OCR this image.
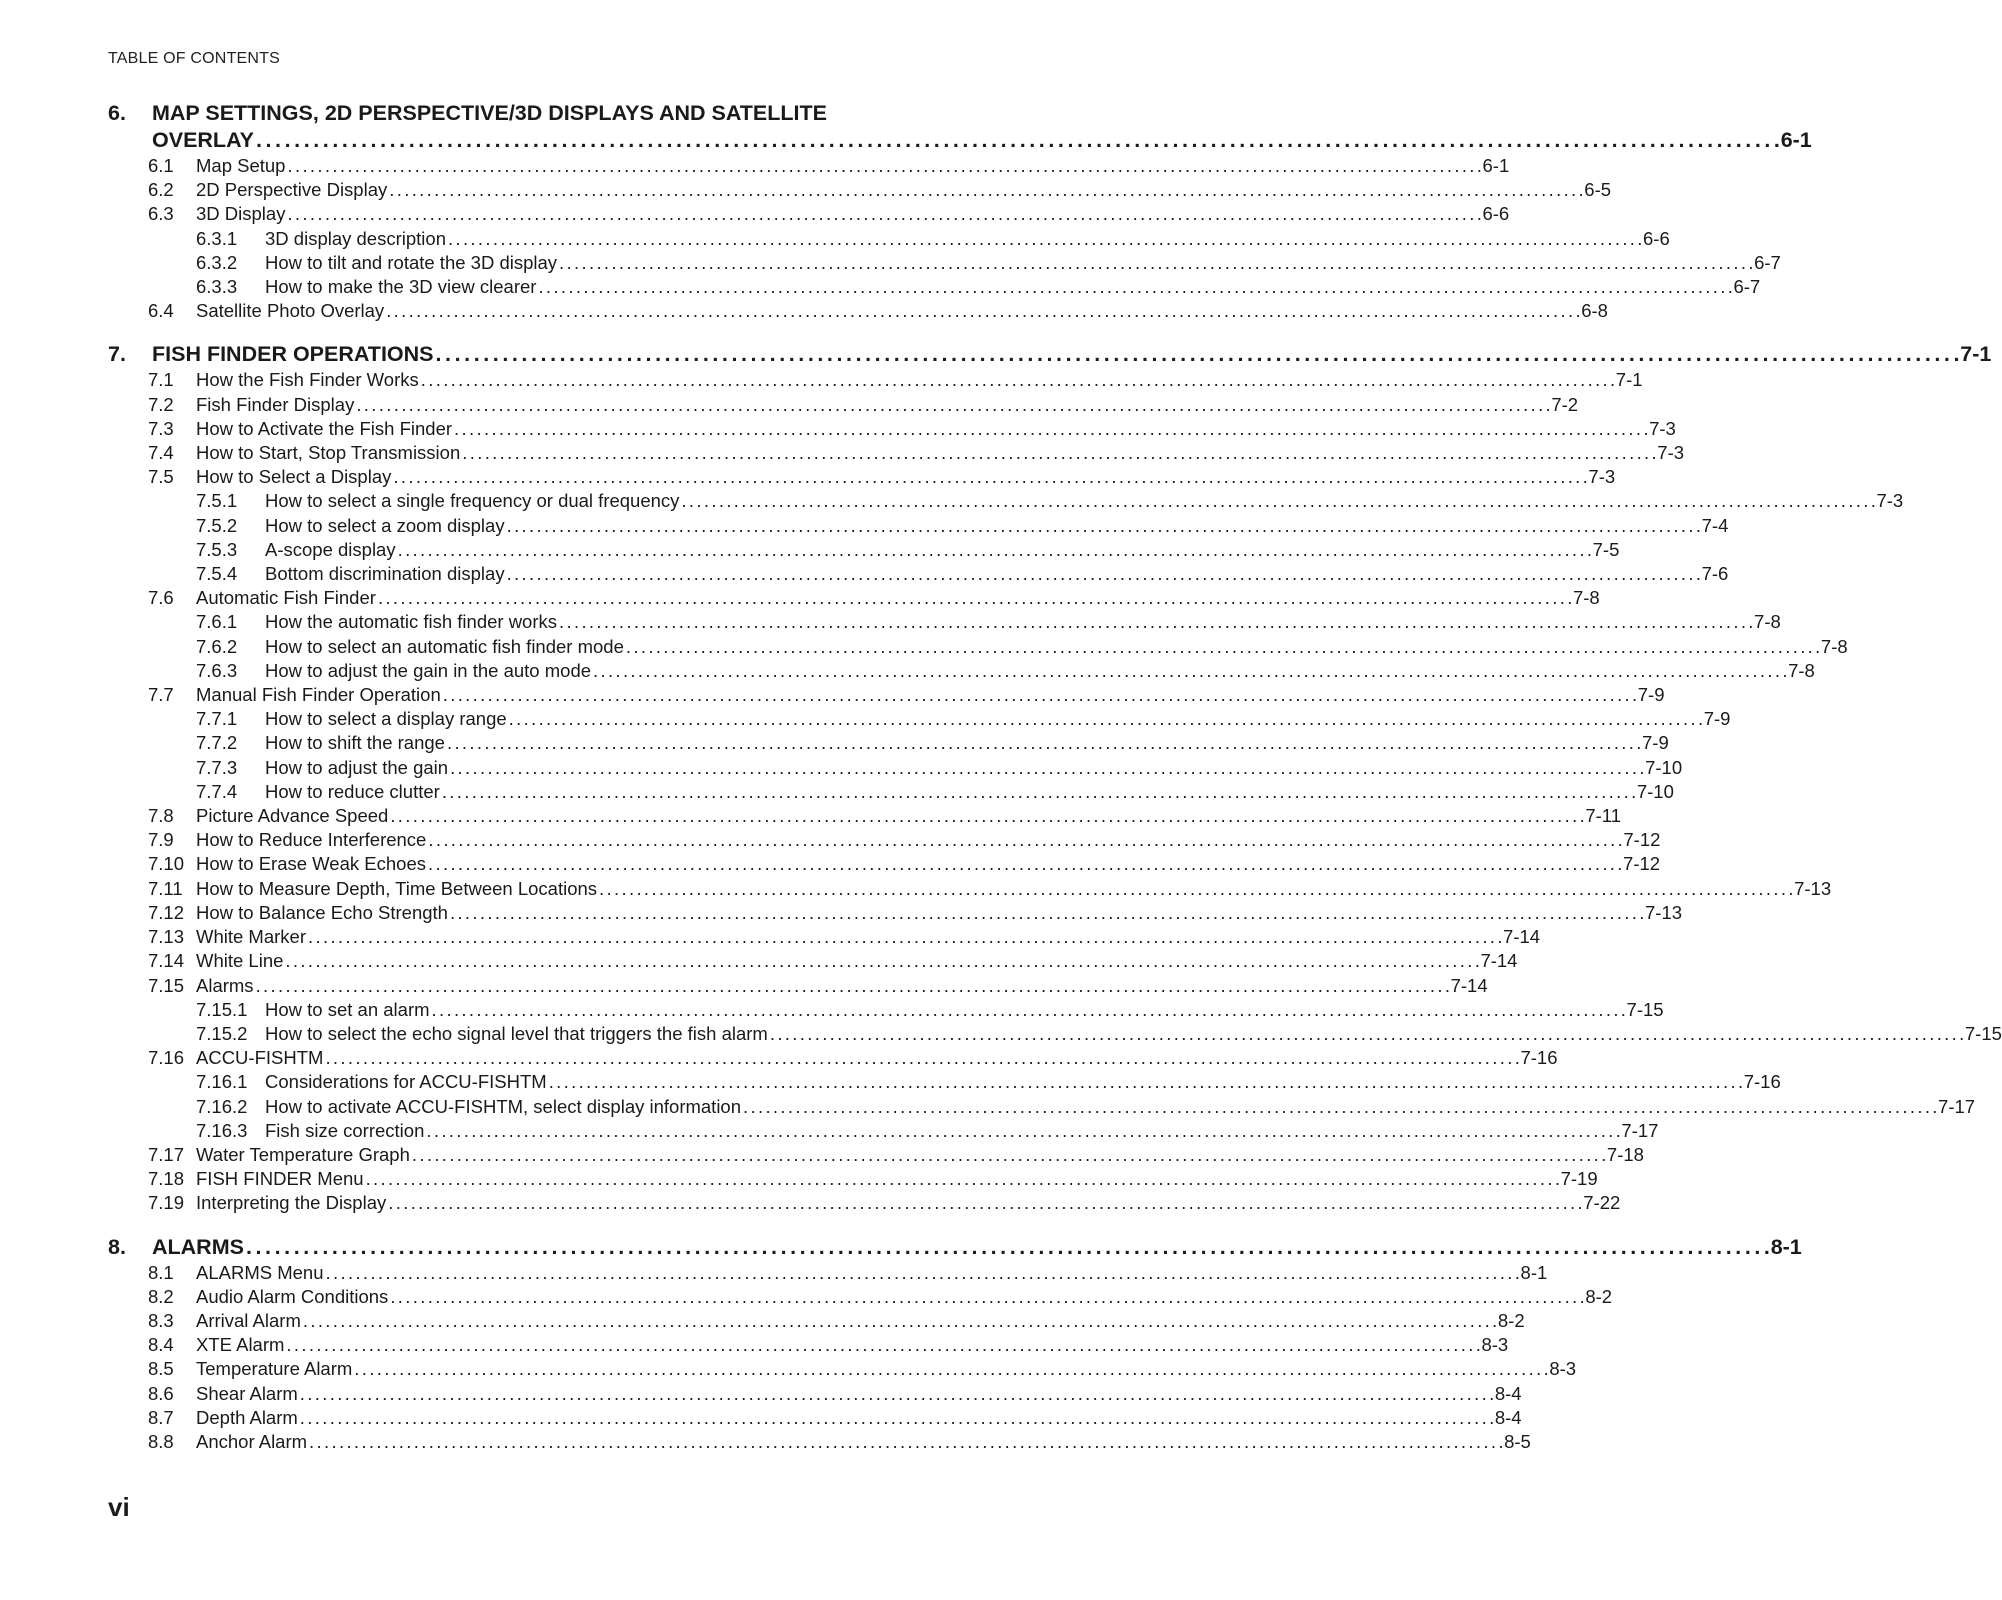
TABLE OF CONTENTS
6.	MAP SETTINGS, 2D PERSPECTIVE/3D DISPLAYS AND SATELLITE
OVERLAY . . .	6-1
6.1	Map Setup . . .	6-1
6.2	2D Perspective Display . . .	6-5
6.3	3D Display . . .	6-6
6.3.1	3D display description . . .	6-6
6.3.2	How to tilt and rotate the 3D display . . .	6-7
6.3.3	How to make the 3D view clearer . . .	6-7
6.4	Satellite Photo Overlay . . .	6-8
7.	FISH FINDER OPERATIONS . . .	7-1
7.1	How the Fish Finder Works . . .	7-1
7.2	Fish Finder Display . . .	7-2
7.3	How to Activate the Fish Finder . . .	7-3
7.4	How to Start, Stop Transmission . . .	7-3
7.5	How to Select a Display . . .	7-3
7.5.1	How to select a single frequency or dual frequency . . .	7-3
7.5.2	How to select a zoom display . . .	7-4
7.5.3	A-scope display . . .	7-5
7.5.4	Bottom discrimination display . . .	7-6
7.6	Automatic Fish Finder . . .	7-8
7.6.1	How the automatic fish finder works . . .	7-8
7.6.2	How to select an automatic fish finder mode . . .	7-8
7.6.3	How to adjust the gain in the auto mode . . .	7-8
7.7	Manual Fish Finder Operation . . .	7-9
7.7.1	How to select a display range . . .	7-9
7.7.2	How to shift the range . . .	7-9
7.7.3	How to adjust the gain . . .	7-10
7.7.4	How to reduce clutter . . .	7-10
7.8	Picture Advance Speed . . .	7-11
7.9	How to Reduce Interference . . .	7-12
7.10 How to Erase Weak Echoes . . .	7-12
7.11 How to Measure Depth, Time Between Locations . . .	7-13
7.12 How to Balance Echo Strength . . .	7-13
7.13 White Marker . . .	7-14
7.14 White Line . . .	7-14
7.15 Alarms . . .	7-14
7.15.1 How to set an alarm . . .	7-15
7.15.2 How to select the echo signal level that triggers the fish alarm . . .	7-15
7.16 ACCU-FISHTM . . .	7-16
7.16.1 Considerations for ACCU-FISHTM . . .	7-16
7.16.2 How to activate ACCU-FISHTM, select display information . . .	7-17
7.16.3 Fish size correction . . .	7-17
7.17 Water Temperature Graph . . .	7-18
7.18 FISH FINDER Menu . . .	7-19
7.19 Interpreting the Display . . .	7-22
8.	ALARMS . . .	8-1
8.1	ALARMS Menu . . .	8-1
8.2	Audio Alarm Conditions . . .	8-2
8.3	Arrival Alarm . . .	8-2
8.4	XTE Alarm . . .	8-3
8.5	Temperature Alarm . . .	8-3
8.6	Shear Alarm . . .	8-4
8.7	Depth Alarm . . .	8-4
8.8	Anchor Alarm . . .	8-5
vi
